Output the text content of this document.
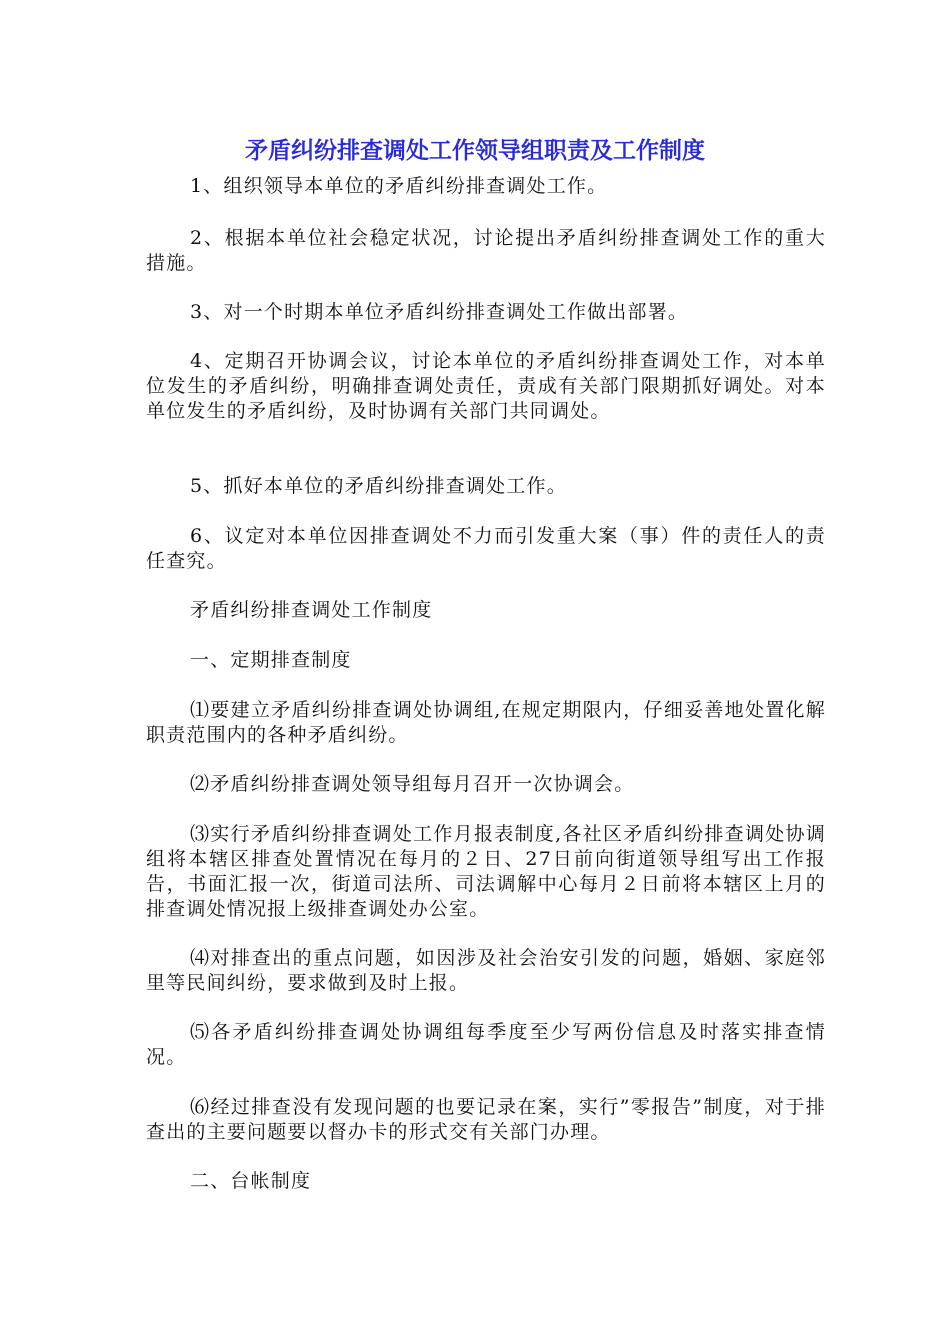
矛盾纠纷排查调处工作领导组职责及工作制度

1、组织领导本单位的矛盾纠纷排查调处工作。

2、根据本单位社会稳定状况，讨论提出矛盾纠纷排查调处工作的重大措施。

3、对一个时期本单位矛盾纠纷排查调处工作做出部署。

4、定期召开协调会议，讨论本单位的矛盾纠纷排查调处工作，对本单位发生的矛盾纠纷，明确排查调处责任，责成有关部门限期抓好调处。对本单位发生的矛盾纠纷，及时协调有关部门共同调处。

5、抓好本单位的矛盾纠纷排查调处工作。

6、议定对本单位因排查调处不力而引发重大案（事）件的责任人的责任查究。

矛盾纠纷排查调处工作制度

一、定期排查制度

⑴要建立矛盾纠纷排查调处协调组,在规定期限内，仔细妥善地处置化解职责范围内的各种矛盾纠纷。

⑵矛盾纠纷排查调处领导组每月召开一次协调会。

⑶实行矛盾纠纷排查调处工作月报表制度,各社区矛盾纠纷排查调处协调组将本辖区排查处置情况在每月的２日、27日前向街道领导组写出工作报告，书面汇报一次，街道司法所、司法调解中心每月２日前将本辖区上月的排查调处情况报上级排查调处办公室。

⑷对排查出的重点问题，如因涉及社会治安引发的问题，婚姻、家庭邻里等民间纠纷，要求做到及时上报。

⑸各矛盾纠纷排查调处协调组每季度至少写两份信息及时落实排查情况。

⑹经过排查没有发现问题的也要记录在案，实行”零报告”制度，对于排查出的主要问题要以督办卡的形式交有关部门办理。

二、台帐制度
